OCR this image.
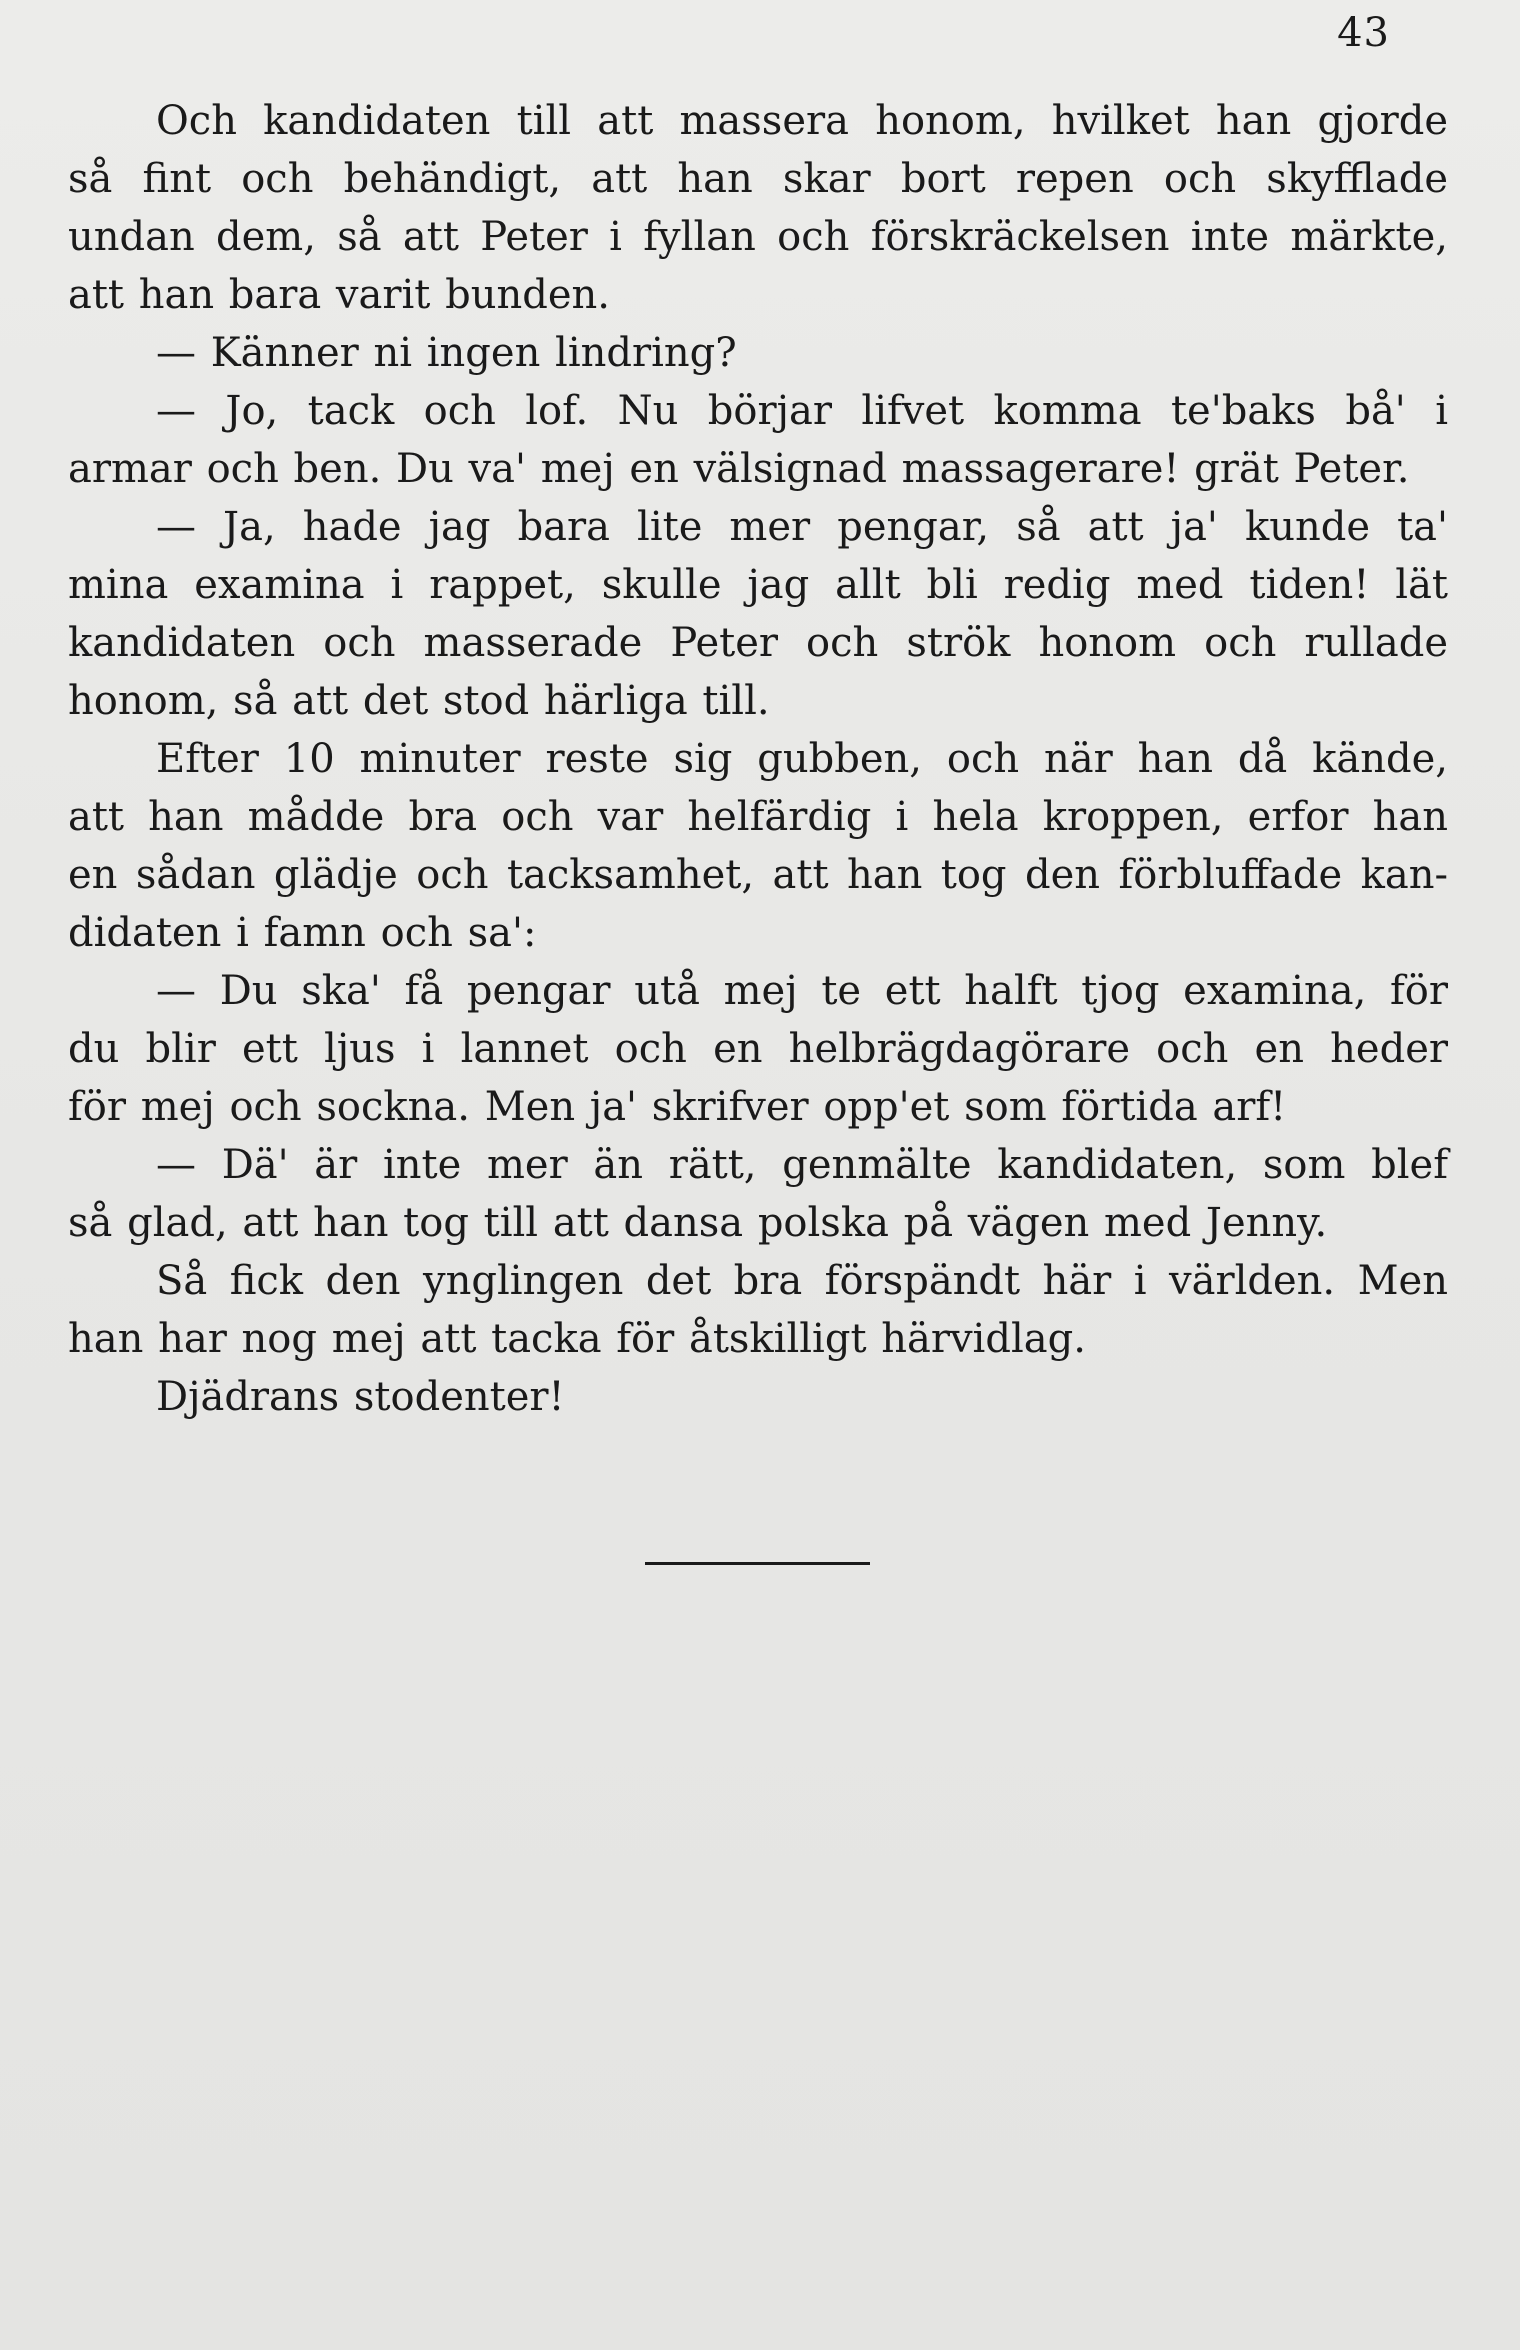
43
Och kandidaten till att massera honom, hvilket han gjorde
så fint och behändigt, att han skar bort repen och skyfflade
undan dem, så att Peter i fyllan och förskräckelsen inte märkte,
att han bara varit bunden.
— Känner ni ingen lindring?
— Jo, tack och lof. Nu börjar lifvet komma te'baks bå' i
armar och ben. Du va' mej en välsignad massagerare! grät Peter.
— Ja, hade jag bara lite mer pengar, så att ja' kunde ta'
mina examina i rappet, skulle jag allt bli redig med tiden! lät
kandidaten och masserade Peter och strök honom och rullade
honom, så att det stod härliga till.
Efter 10 minuter reste sig gubben, och när han då kände,
att han mådde bra och var helfärdig i hela kroppen, erfor han
en sådan glädje och tacksamhet, att han tog den förbluffade kan-
didaten i famn och sa':
— Du ska' få pengar utå mej te ett halft tjog examina, för
du blir ett ljus i lannet och en helbrägdagörare och en heder
för mej och sockna. Men ja' skrifver opp'et som förtida arf!
— Dä' är inte mer än rätt, genmälte kandidaten, som blef
så glad, att han tog till att dansa polska på vägen med Jenny.
Så fick den ynglingen det bra förspändt här i världen. Men
han har nog mej att tacka för åtskilligt härvidlag.
Djädrans stodenter!
